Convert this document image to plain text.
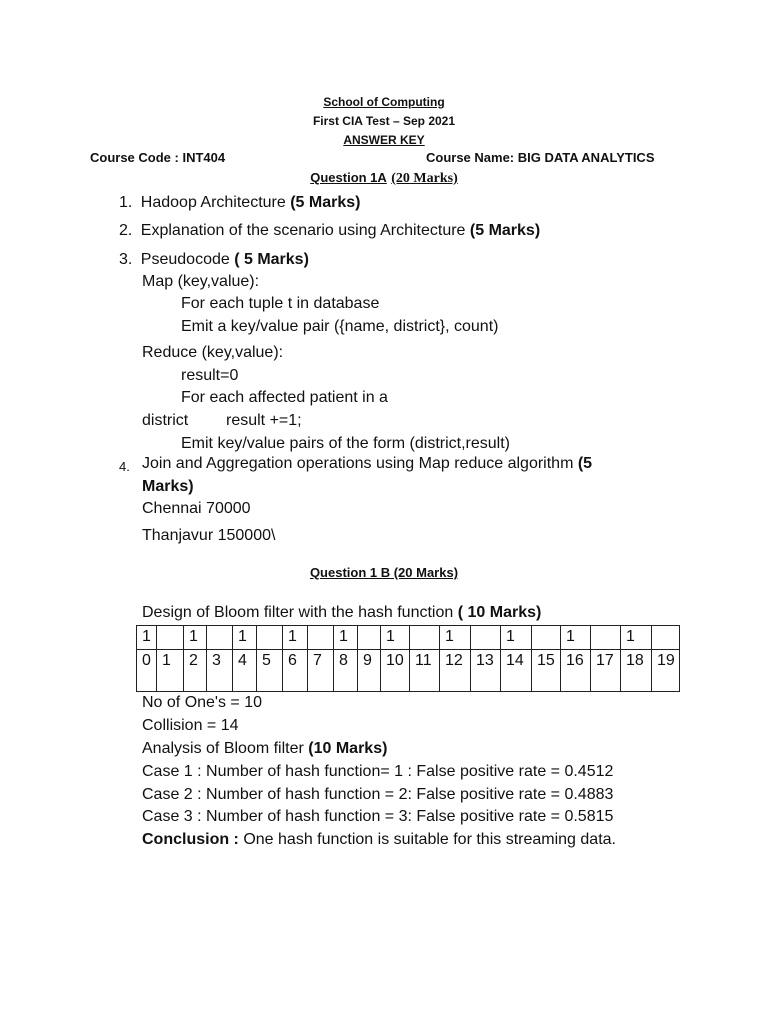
School of Computing
First CIA Test – Sep 2021
ANSWER KEY
Course Code : INT404	Course Name: BIG DATA ANALYTICS
Question 1A (20 Marks)
1. Hadoop Architecture (5 Marks)
2. Explanation of the scenario using Architecture (5 Marks)
3. Pseudocode ( 5 Marks)
Map (key,value):
For each tuple t in database
Emit a key/value pair ({name, district}, count)
Reduce (key,value):
result=0
For each affected patient in a
district result +=1;
Emit key/value pairs of the form (district,result)
4. Join and Aggregation operations using Map reduce algorithm (5
Marks)
Chennai 70000
Thanjavur 150000\
Question 1 B (20 Marks)
Design of Bloom filter with the hash function ( 10 Marks)
1		1		1		1		1		1		1		1		1		1	
0	1	2	3	4	5	6	7	8	9	10	11	12	13	14	15	16	17	18	19
No of One's = 10
Collision = 14
Analysis of Bloom filter (10 Marks)
Case 1 : Number of hash function= 1 : False positive rate = 0.4512
Case 2 : Number of hash function = 2: False positive rate = 0.4883
Case 3 : Number of hash function = 3: False positive rate = 0.5815
Conclusion : One hash function is suitable for this streaming data.
